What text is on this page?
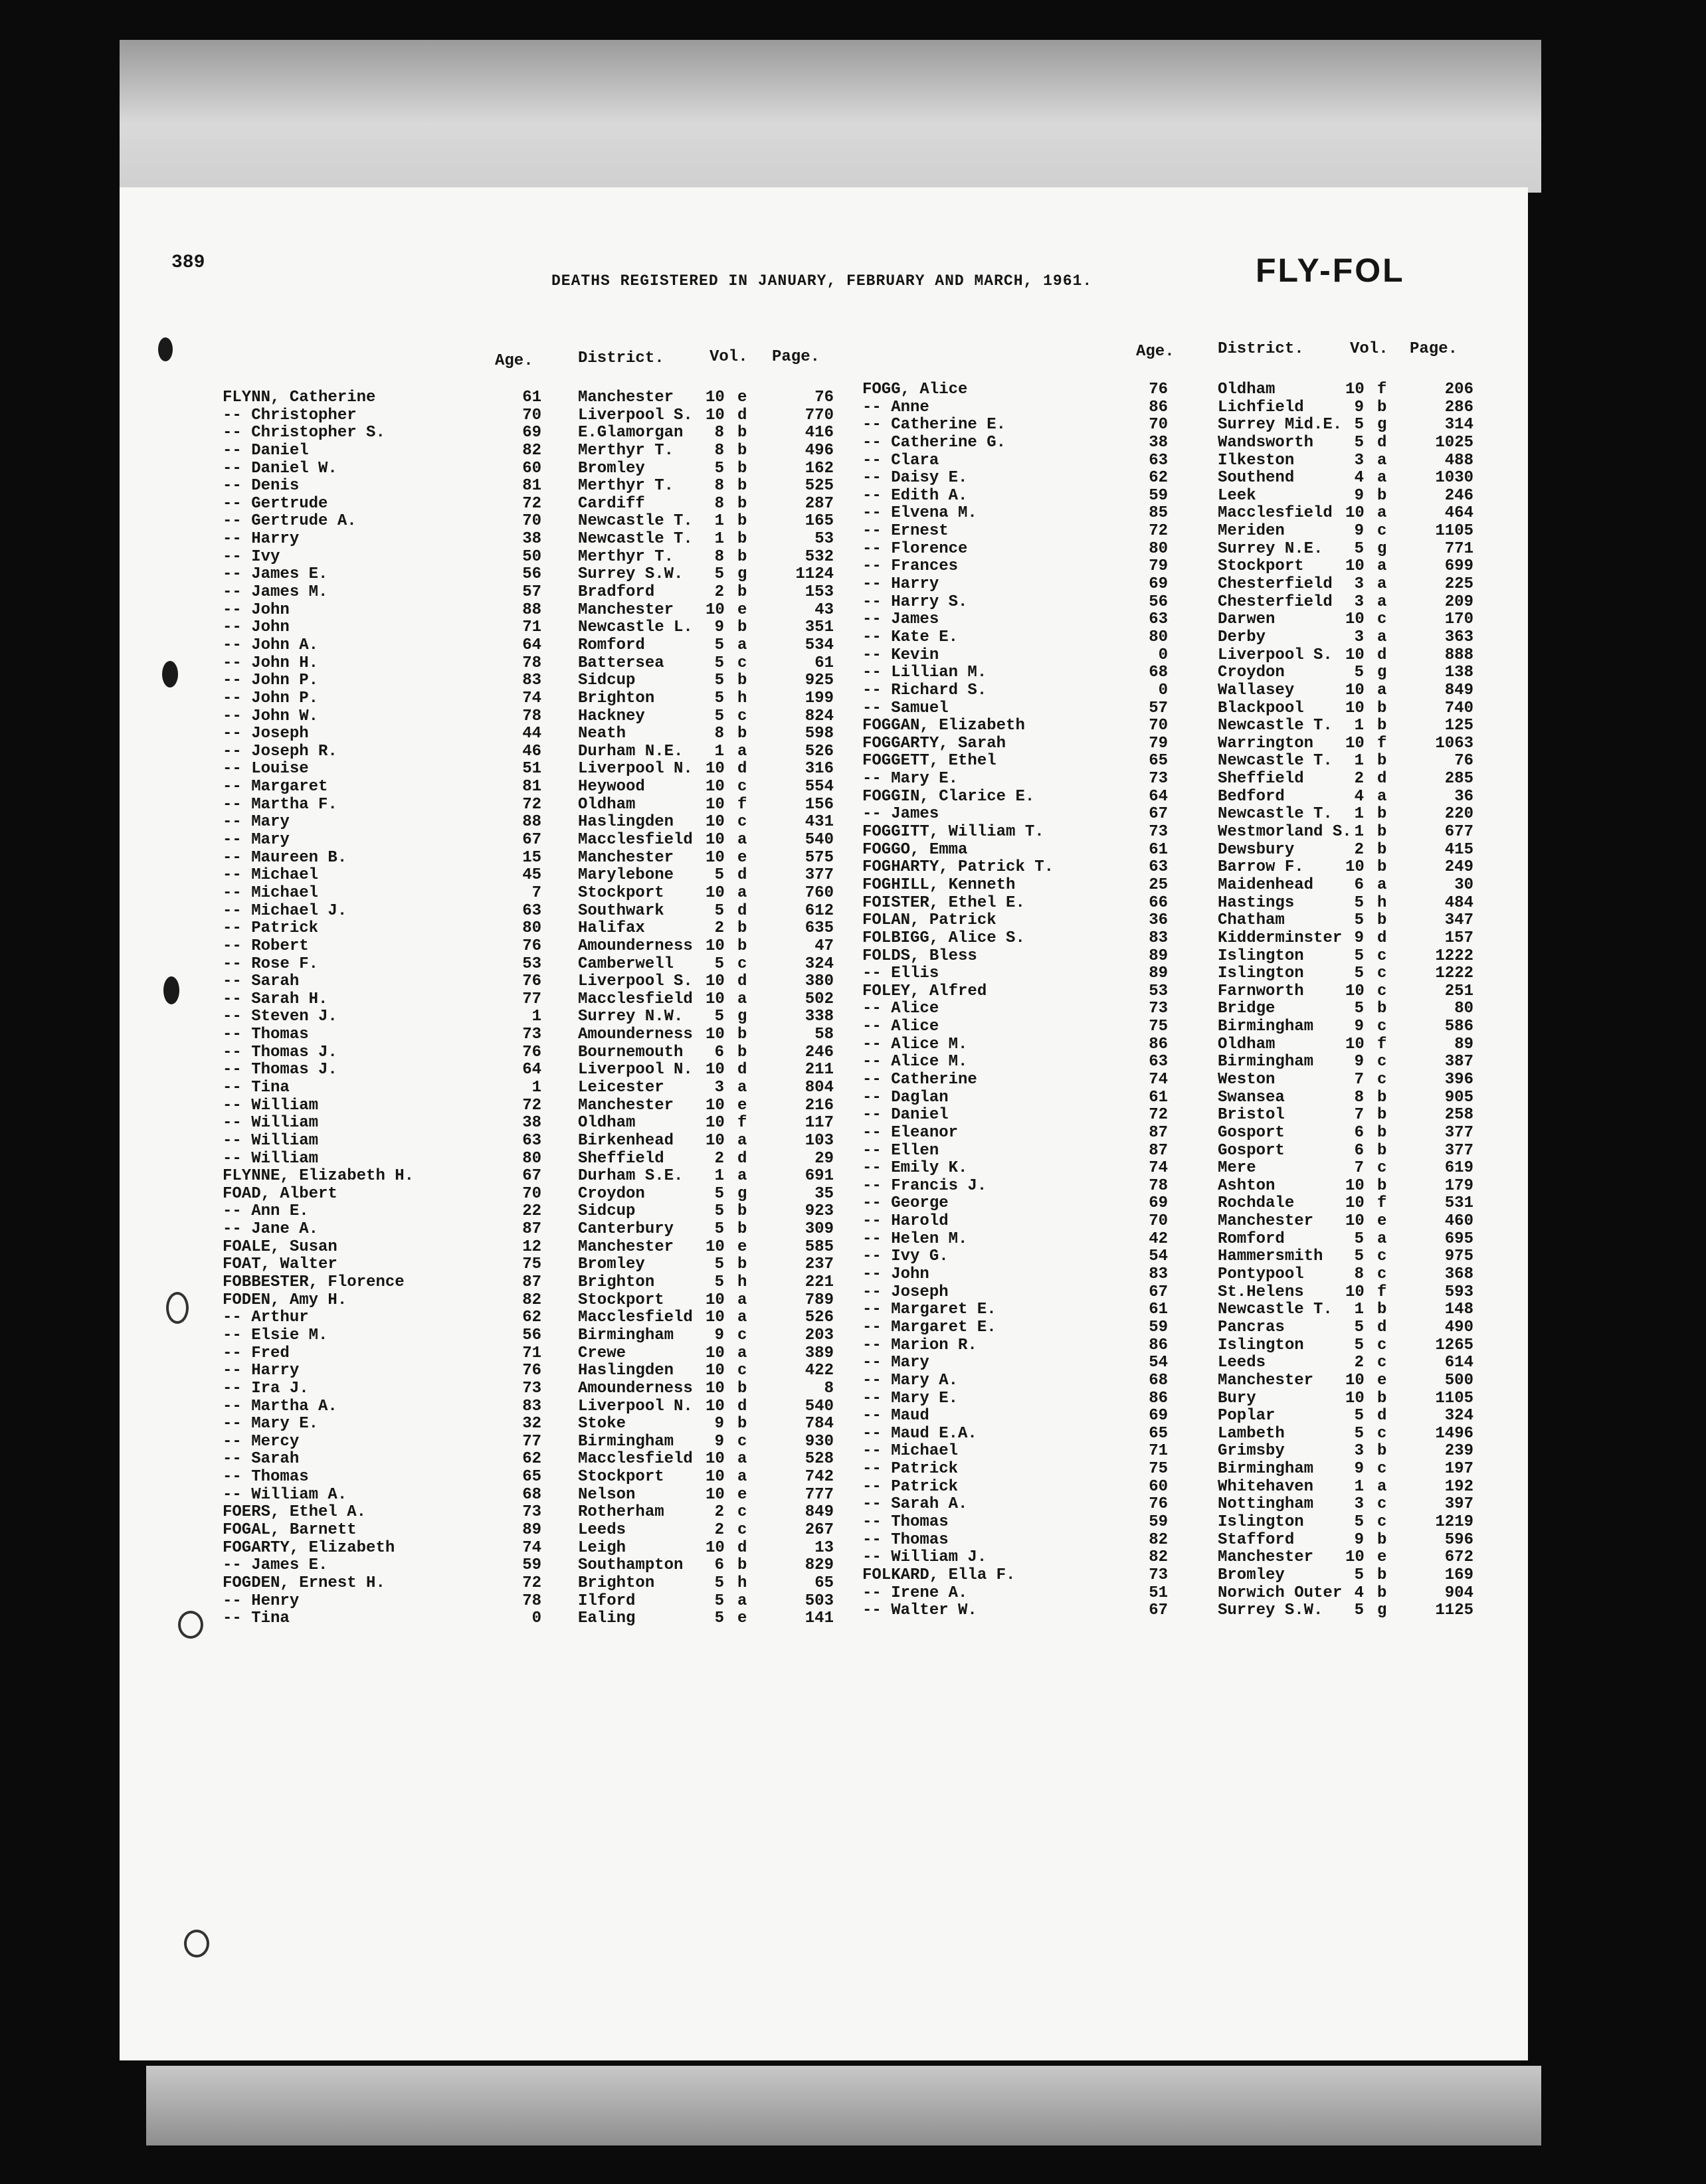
389
DEATHS REGISTERED IN JANUARY, FEBRUARY AND MARCH, 1961.	FLY-FOL
Age.	District.	Vol. Page.	Age.	District.	Vol. Page.
FLYNN, Catherine	61 Manchester 10 e	76
-- Christopher	70 Liverpool S. 10 d	770
-- Christopher S.	69 E.Glamorgan	8 b	416
-- Daniel	82 Merthyr T.	8 b	496
-- Daniel W.	60 Bromley	5 b	162
-- Denis	81 Merthyr T.	8 b	525
-- Gertrude	72 Cardiff	8 b	287
-- Gertrude A.	70 Newcastle T.	1 b	165
-- Harry	38 Newcastle T.	1 b	53
-- Ivy	50 Merthyr T.	8 b	532
-- James E.	56 Surrey S.W.	5 g	1124
-- James M.	57 Bradford	2 b	153
-- John	88 Manchester 10 e	43
-- John	71 Newcastle L.	9 b	351
-- John A.	64 Romford	5 a	534
-- John H.	78 Battersea	5 c	61
-- John P.	83 Sidcup	5 b	925
-- John P.	74 Brighton	5 h	199
-- John W.	78 Hackney	5 c	824
-- Joseph	44 Neath	8 b	598
-- Joseph R.	46 Durham N.E.	1 a	526
-- Louise	51 Liverpool N. 10 d	316
-- Margaret	81 Heywood	10 c	554
-- Martha F.	72 Oldham	10 f	156
-- Mary	88 Haslingden 10 c	431
-- Mary	67 Macclesfield 10 a	540
-- Maureen B.	15 Manchester 10 e	575
-- Michael	45 Marylebone	5 d	377
-- Michael	7 Stockport	10 a	760
-- Michael J.	63 Southwark	5 d	612
-- Patrick	80 Halifax	2 b	635
-- Robert	76 Amounderness 10 b	47
-- Rose F.	53 Camberwell	5 c	324
-- Sarah	76 Liverpool S. 10 d	380
-- Sarah H.	77 Macclesfield 10 a	502
-- Steven J.	1 Surrey N.W.	5 g	338
-- Thomas	73 Amounderness 10 b	58
-- Thomas J.	76 Bournemouth	6 b	246
-- Thomas J.	64 Liverpool N. 10 d	211
-- Tina	1 Leicester	3 a	804
-- William	72 Manchester 10 e	216
-- William	38 Oldham	10 f	117
-- William	63 Birkenhead 10 a	103
-- William	80 Sheffield	2 d	29
FLYNNE, Elizabeth H.	67 Durham S.E.	1 a	691
FOAD, Albert	70 Croydon	5 g	35
-- Ann E.	22 Sidcup	5 b	923
-- Jane A.	87 Canterbury	5 b	309
FOALE, Susan	12 Manchester 10 e	585
FOAT, Walter	75 Bromley	5 b	237
FOBBESTER, Florence	87 Brighton	5 h	221
FODEN, Amy H.	82 Stockport	10 a	789
-- Arthur	62 Macclesfield 10 a	526
-- Elsie M.	56 Birmingham	9 c	203
-- Fred	71 Crewe	10 a	389
-- Harry	76 Haslingden 10 c	422
-- Ira J.	73 Amounderness 10 b	8
-- Martha A.	83 Liverpool N. 10 d	540
-- Mary E.	32 Stoke	9 b	784
-- Mercy	77 Birmingham	9 c	930
-- Sarah	62 Macclesfield 10 a	528
-- Thomas	65 Stockport	10 a	742
-- William A.	68 Nelson	10 e	777
FOERS, Ethel A.	73 Rotherham	2 c	849
FOGAL, Barnett	89 Leeds	2 c	267
FOGARTY, Elizabeth	74 Leigh	10 d	13
-- James E.	59 Southampton	6 b	829
FOGDEN, Ernest H.	72 Brighton	5 h	65
-- Henry	78 Ilford	5 a	503
-- Tina	0 Ealing	5 e	141
FOGG, Alice	76	Oldham	10 f	206
-- Anne	86	Lichfield	9 b	286
-- Catherine E.	70	Surrey Mid.E. 5 g	314
-- Catherine G.	38	Wandsworth	5 d	1025
-- Clara	63	Ilkeston	3 a	488
-- Daisy E.	62	Southend	4 a	1030
-- Edith A.	59	Leek	9 b	246
-- Elvena M.	85	Macclesfield 10 a	464
-- Ernest	72	Meriden	9 c	1105
-- Florence	80	Surrey N.E.	5 g	771
-- Frances	79	Stockport	10 a	699
-- Harry	69	Chesterfield	3 a	225
-- Harry S.	56	Chesterfield	3 a	209
-- James	63	Darwen	10 c	170
-- Kate E.	80	Derby	3 a	363
-- Kevin	0	Liverpool S. 10 d	888
-- Lillian M.	68	Croydon	5 g	138
-- Richard S.	0	Wallasey	10 a	849
-- Samuel	57	Blackpool	10 b	740
FOGGAN, Elizabeth	70	Newcastle T.	1 b	125
FOGGARTY, Sarah	79	Warrington 10 f	1063
FOGGETT, Ethel	65	Newcastle T.	1 b	76
-- Mary E.	73	Sheffield	2 d	285
FOGGIN, Clarice E.	64	Bedford	4 a	36
-- James	67	Newcastle T.	1 b	220
FOGGITT, William T.	73	Westmorland S. 1 b	677
FOGGO, Emma	61	Dewsbury	2 b	415
FOGHARTY, Patrick T.	63	Barrow F.	10 b	249
FOGHILL, Kenneth	25	Maidenhead	6 a	30
FOISTER, Ethel E.	66	Hastings	5 h	484
FOLAN, Patrick	36	Chatham	5 b	347
FOLBIGG, Alice S.	83	Kidderminster 9 d	157
FOLDS, Bless	89	Islington	5 c	1222
-- Ellis	89	Islington	5 c	1222
FOLEY, Alfred	53	Farnworth	10 c	251
-- Alice	73	Bridge	5 b	80
-- Alice	75	Birmingham	9 c	586
-- Alice M.	86	Oldham	10 f	89
-- Alice M.	63	Birmingham	9 c	387
-- Catherine	74	Weston	7 c	396
-- Daglan	61	Swansea	8 b	905
-- Daniel	72	Bristol	7 b	258
-- Eleanor	87	Gosport	6 b	377
-- Ellen	87	Gosport	6 b	377
-- Emily K.	74	Mere	7 c	619
-- Francis J.	78	Ashton	10 b	179
-- George	69	Rochdale	10 f	531
-- Harold	70	Manchester 10 e	460
-- Helen M.	42	Romford	5 a	695
-- Ivy G.	54	Hammersmith	5 c	975
-- John	83	Pontypool	8 c	368
-- Joseph	67	St.Helens	10 f	593
-- Margaret E.	61	Newcastle T.	1 b	148
-- Margaret E.	59	Pancras	5 d	490
-- Marion R.	86	Islington	5 c	1265
-- Mary	54	Leeds	2 c	614
-- Mary A.	68	Manchester 10 e	500
-- Mary E.	86	Bury	10 b	1105
-- Maud	69	Poplar	5 d	324
-- Maud E.A.	65	Lambeth	5 c	1496
-- Michael	71	Grimsby	3 b	239
-- Patrick	75	Birmingham	9 c	197
-- Patrick	60	Whitehaven	1 a	192
-- Sarah A.	76	Nottingham	3 c	397
-- Thomas	59	Islington	5 c	1219
-- Thomas	82	Stafford	9 b	596
-- William J.	82	Manchester 10 e	672
FOLKARD, Ella F.	73	Bromley	5 b	169
-- Irene A.	51	Norwich Outer 4 b	904
-- Walter W.	67	Surrey S.W.	5 g	1125
